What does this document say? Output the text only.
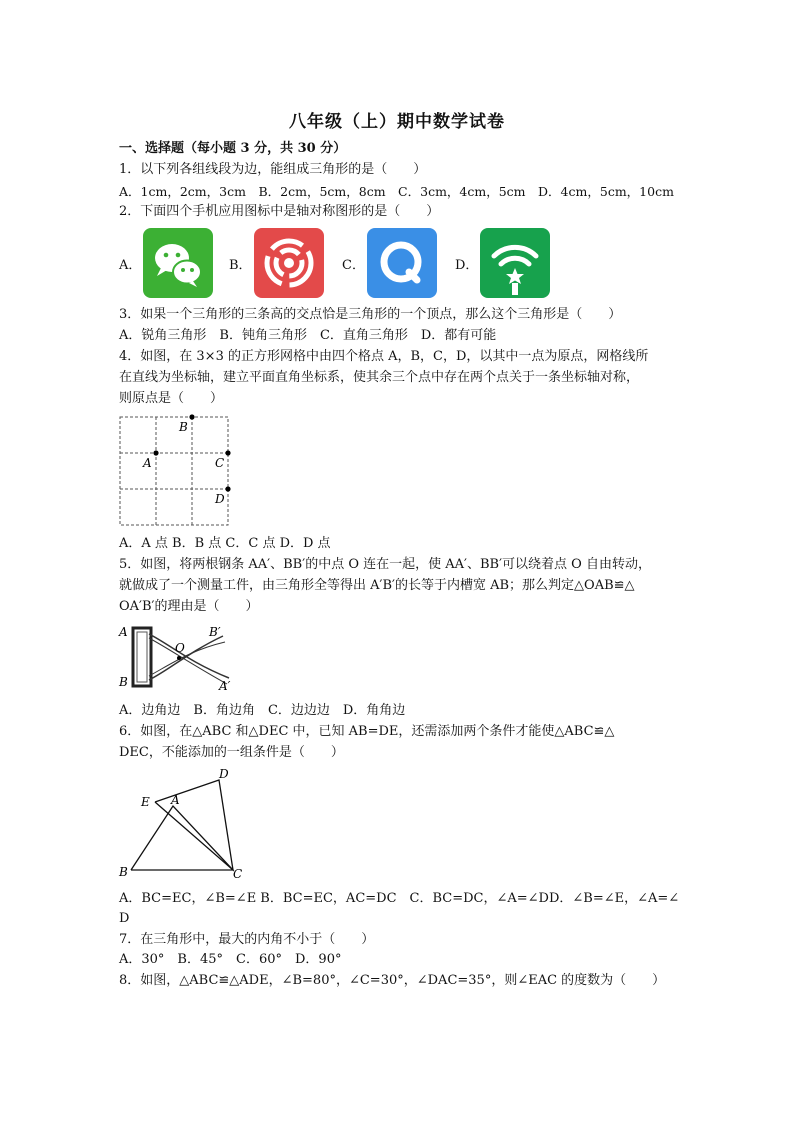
八年级（上）期中数学试卷
一、选择题（每小题 3 分，共 30 分）
1．以下列各组线段为边，能组成三角形的是（　　）
A．1cm，2cm，3cm　B．2cm，5cm，8cm　C．3cm，4cm，5cm　D．4cm，5cm，10cm
2．下面四个手机应用图标中是轴对称图形的是（　　）
A．	B．	C．	D．
3．如果一个三角形的三条高的交点恰是三角形的一个顶点，那么这个三角形是（　　）
A．锐角三角形　B．钝角三角形　C．直角三角形　D．都有可能
4．如图，在 3×3 的正方形网格中由四个格点 A，B，C，D，以其中一点为原点，网格线所
在直线为坐标轴，建立平面直角坐标系，使其余三个点中存在两个点关于一条坐标轴对称，
则原点是（　　）
B
A	C
D
A．A 点 B．B 点 C．C 点 D．D 点
5．如图，将两根钢条 AA′、BB′的中点 O 连在一起，使 AA′、BB′可以绕着点 O 自由转动，
就做成了一个测量工件，由三角形全等得出 A′B′的长等于内槽宽 AB；那么判定△OAB≌△
OA′B′的理由是（　　）
A
B
O
B′
A′
A．边角边　B．角边角　C．边边边　D．角角边
6．如图，在△ABC 和△DEC 中，已知 AB=DE，还需添加两个条件才能使△ABC≌△
DEC，不能添加的一组条件是（　　）
D
E A
B	C
A．BC=EC，∠B=∠E B．BC=EC，AC=DC　C．BC=DC，∠A=∠DD．∠B=∠E，∠A=∠
D
7．在三角形中，最大的内角不小于（　　）
A．30°　B．45°　C．60°　D．90°
8．如图，△ABC≌△ADE，∠B=80°，∠C=30°，∠DAC=35°，则∠EAC 的度数为（　　）
